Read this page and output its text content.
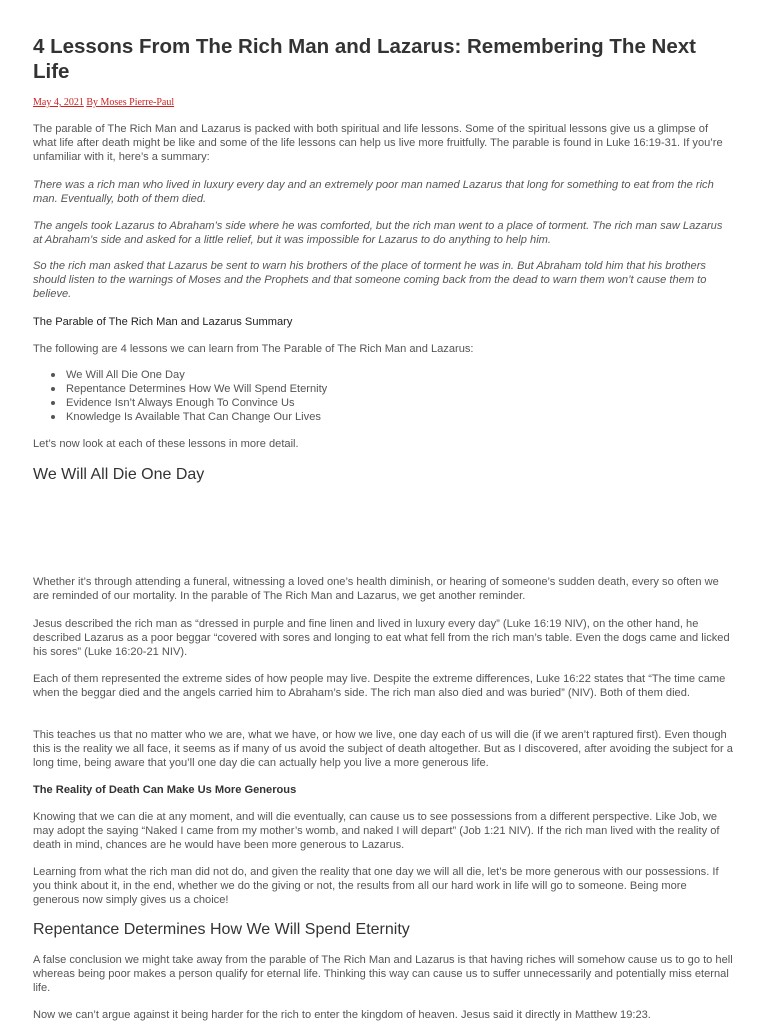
4 Lessons From The Rich Man and Lazarus: Remembering The Next Life
May 4, 2021 By Moses Pierre-Paul

The parable of The Rich Man and Lazarus is packed with both spiritual and life lessons. Some of the spiritual lessons give us a glimpse of what life after death might be like and some of the life lessons can help us live more fruitfully. The parable is found in Luke 16:19-31. If you’re unfamiliar with it, here’s a summary:

There was a rich man who lived in luxury every day and an extremely poor man named Lazarus that long for something to eat from the rich man. Eventually, both of them died.

The angels took Lazarus to Abraham’s side where he was comforted, but the rich man went to a place of torment. The rich man saw Lazarus at Abraham’s side and asked for a little relief, but it was impossible for Lazarus to do anything to help him.

So the rich man asked that Lazarus be sent to warn his brothers of the place of torment he was in. But Abraham told him that his brothers should listen to the warnings of Moses and the Prophets and that someone coming back from the dead to warn them won’t cause them to believe.

The Parable of The Rich Man and Lazarus Summary

The following are 4 lessons we can learn from The Parable of The Rich Man and Lazarus:

We Will All Die One Day
Repentance Determines How We Will Spend Eternity
Evidence Isn’t Always Enough To Convince Us
Knowledge Is Available That Can Change Our Lives

Let’s now look at each of these lessons in more detail.

We Will All Die One Day

Whether it’s through attending a funeral, witnessing a loved one’s health diminish, or hearing of someone’s sudden death, every so often we are reminded of our mortality. In the parable of The Rich Man and Lazarus, we get another reminder.

Jesus described the rich man as “dressed in purple and fine linen and lived in luxury every day” (Luke 16:19 NIV), on the other hand, he described Lazarus as a poor beggar “covered with sores and longing to eat what fell from the rich man’s table. Even the dogs came and licked his sores” (Luke 16:20-21 NIV).

Each of them represented the extreme sides of how people may live. Despite the extreme differences, Luke 16:22 states that “The time came when the beggar died and the angels carried him to Abraham’s side. The rich man also died and was buried” (NIV). Both of them died.

This teaches us that no matter who we are, what we have, or how we live, one day each of us will die (if we aren’t raptured first). Even though this is the reality we all face, it seems as if many of us avoid the subject of death altogether. But as I discovered, after avoiding the subject for a long time, being aware that you’ll one day die can actually help you live a more generous life.

The Reality of Death Can Make Us More Generous

Knowing that we can die at any moment, and will die eventually, can cause us to see possessions from a different perspective. Like Job, we may adopt the saying “Naked I came from my mother’s womb, and naked I will depart” (Job 1:21 NIV). If the rich man lived with the reality of death in mind, chances are he would have been more generous to Lazarus.

Learning from what the rich man did not do, and given the reality that one day we will all die, let’s be more generous with our possessions. If you think about it, in the end, whether we do the giving or not, the results from all our hard work in life will go to someone. Being more generous now simply gives us a choice!

Repentance Determines How We Will Spend Eternity

A false conclusion we might take away from the parable of The Rich Man and Lazarus is that having riches will somehow cause us to go to hell whereas being poor makes a person qualify for eternal life. Thinking this way can cause us to suffer unnecessarily and potentially miss eternal life.

Now we can’t argue against it being harder for the rich to enter the kingdom of heaven. Jesus said it directly in Matthew 19:23.
